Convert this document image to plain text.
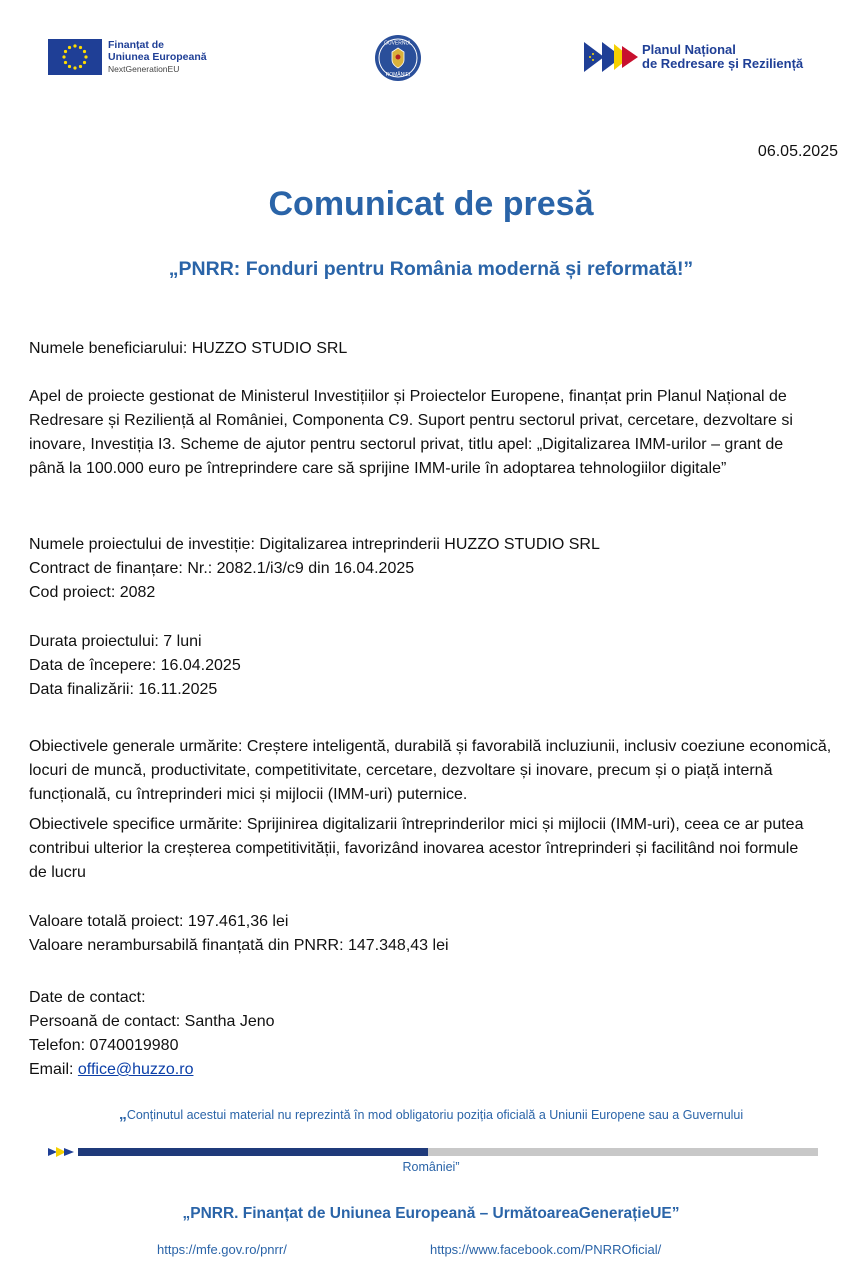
Finanțat de
Uniunea Europeană
NextGenerationEU
GUVERNUL
ROMÂNIEI
Planul Național
de Redresare și Reziliență
06.05.2025
Comunicat de presă
„PNRR: Fonduri pentru România modernă și reformată!”

Numele beneficiarului: HUZZO STUDIO SRL

Apel de proiecte gestionat de Ministerul Investițiilor și Proiectelor Europene, finanțat prin Planul Național de Redresare și Reziliență al României, Componenta C9. Suport pentru sectorul privat, cercetare, dezvoltare si inovare, Investiția I3. Scheme de ajutor pentru sectorul privat, titlu apel: „Digitalizarea IMM-urilor – grant de până la 100.000 euro pe întreprindere care să sprijine IMM-urile în adoptarea tehnologiilor digitale”

Numele proiectului de investiție: Digitalizarea intreprinderii HUZZO STUDIO SRL

Contract de finanțare: Nr.: 2082.1/i3/c9 din 16.04.2025

Cod proiect: 2082

Durata proiectului: 7 luni

Data de începere: 16.04.2025

Data finalizării: 16.11.2025

Obiectivele generale urmărite: Creștere inteligentă, durabilă și favorabilă incluziunii, inclusiv coeziune economică, locuri de muncă, productivitate, competitivitate, cercetare, dezvoltare și inovare, precum și o piață internă funcțională, cu întreprinderi mici și mijlocii (IMM-uri) puternice.

Obiectivele specifice urmărite: Sprijinirea digitalizarii întreprinderilor mici și mijlocii (IMM-uri), ceea ce ar putea contribui ulterior la creșterea competitivității, favorizând inovarea acestor întreprinderi și facilitând noi formule de lucru

Valoare totală proiect: 197.461,36 lei

Valoare nerambursabilă finanțată din PNRR: 147.348,43 lei

Date de contact:

Persoană de contact: Santha Jeno

Telefon: 0740019980

Email: office@huzzo.ro

„Conținutul acestui material nu reprezintă în mod obligatoriu poziția oficială a Uniunii Europene sau a Guvernului
României”
„PNRR. Finanțat de Uniunea Europeană – UrmătoareaGenerațieUE”
https://mfe.gov.ro/pnrr/	https://www.facebook.com/PNRROficial/
